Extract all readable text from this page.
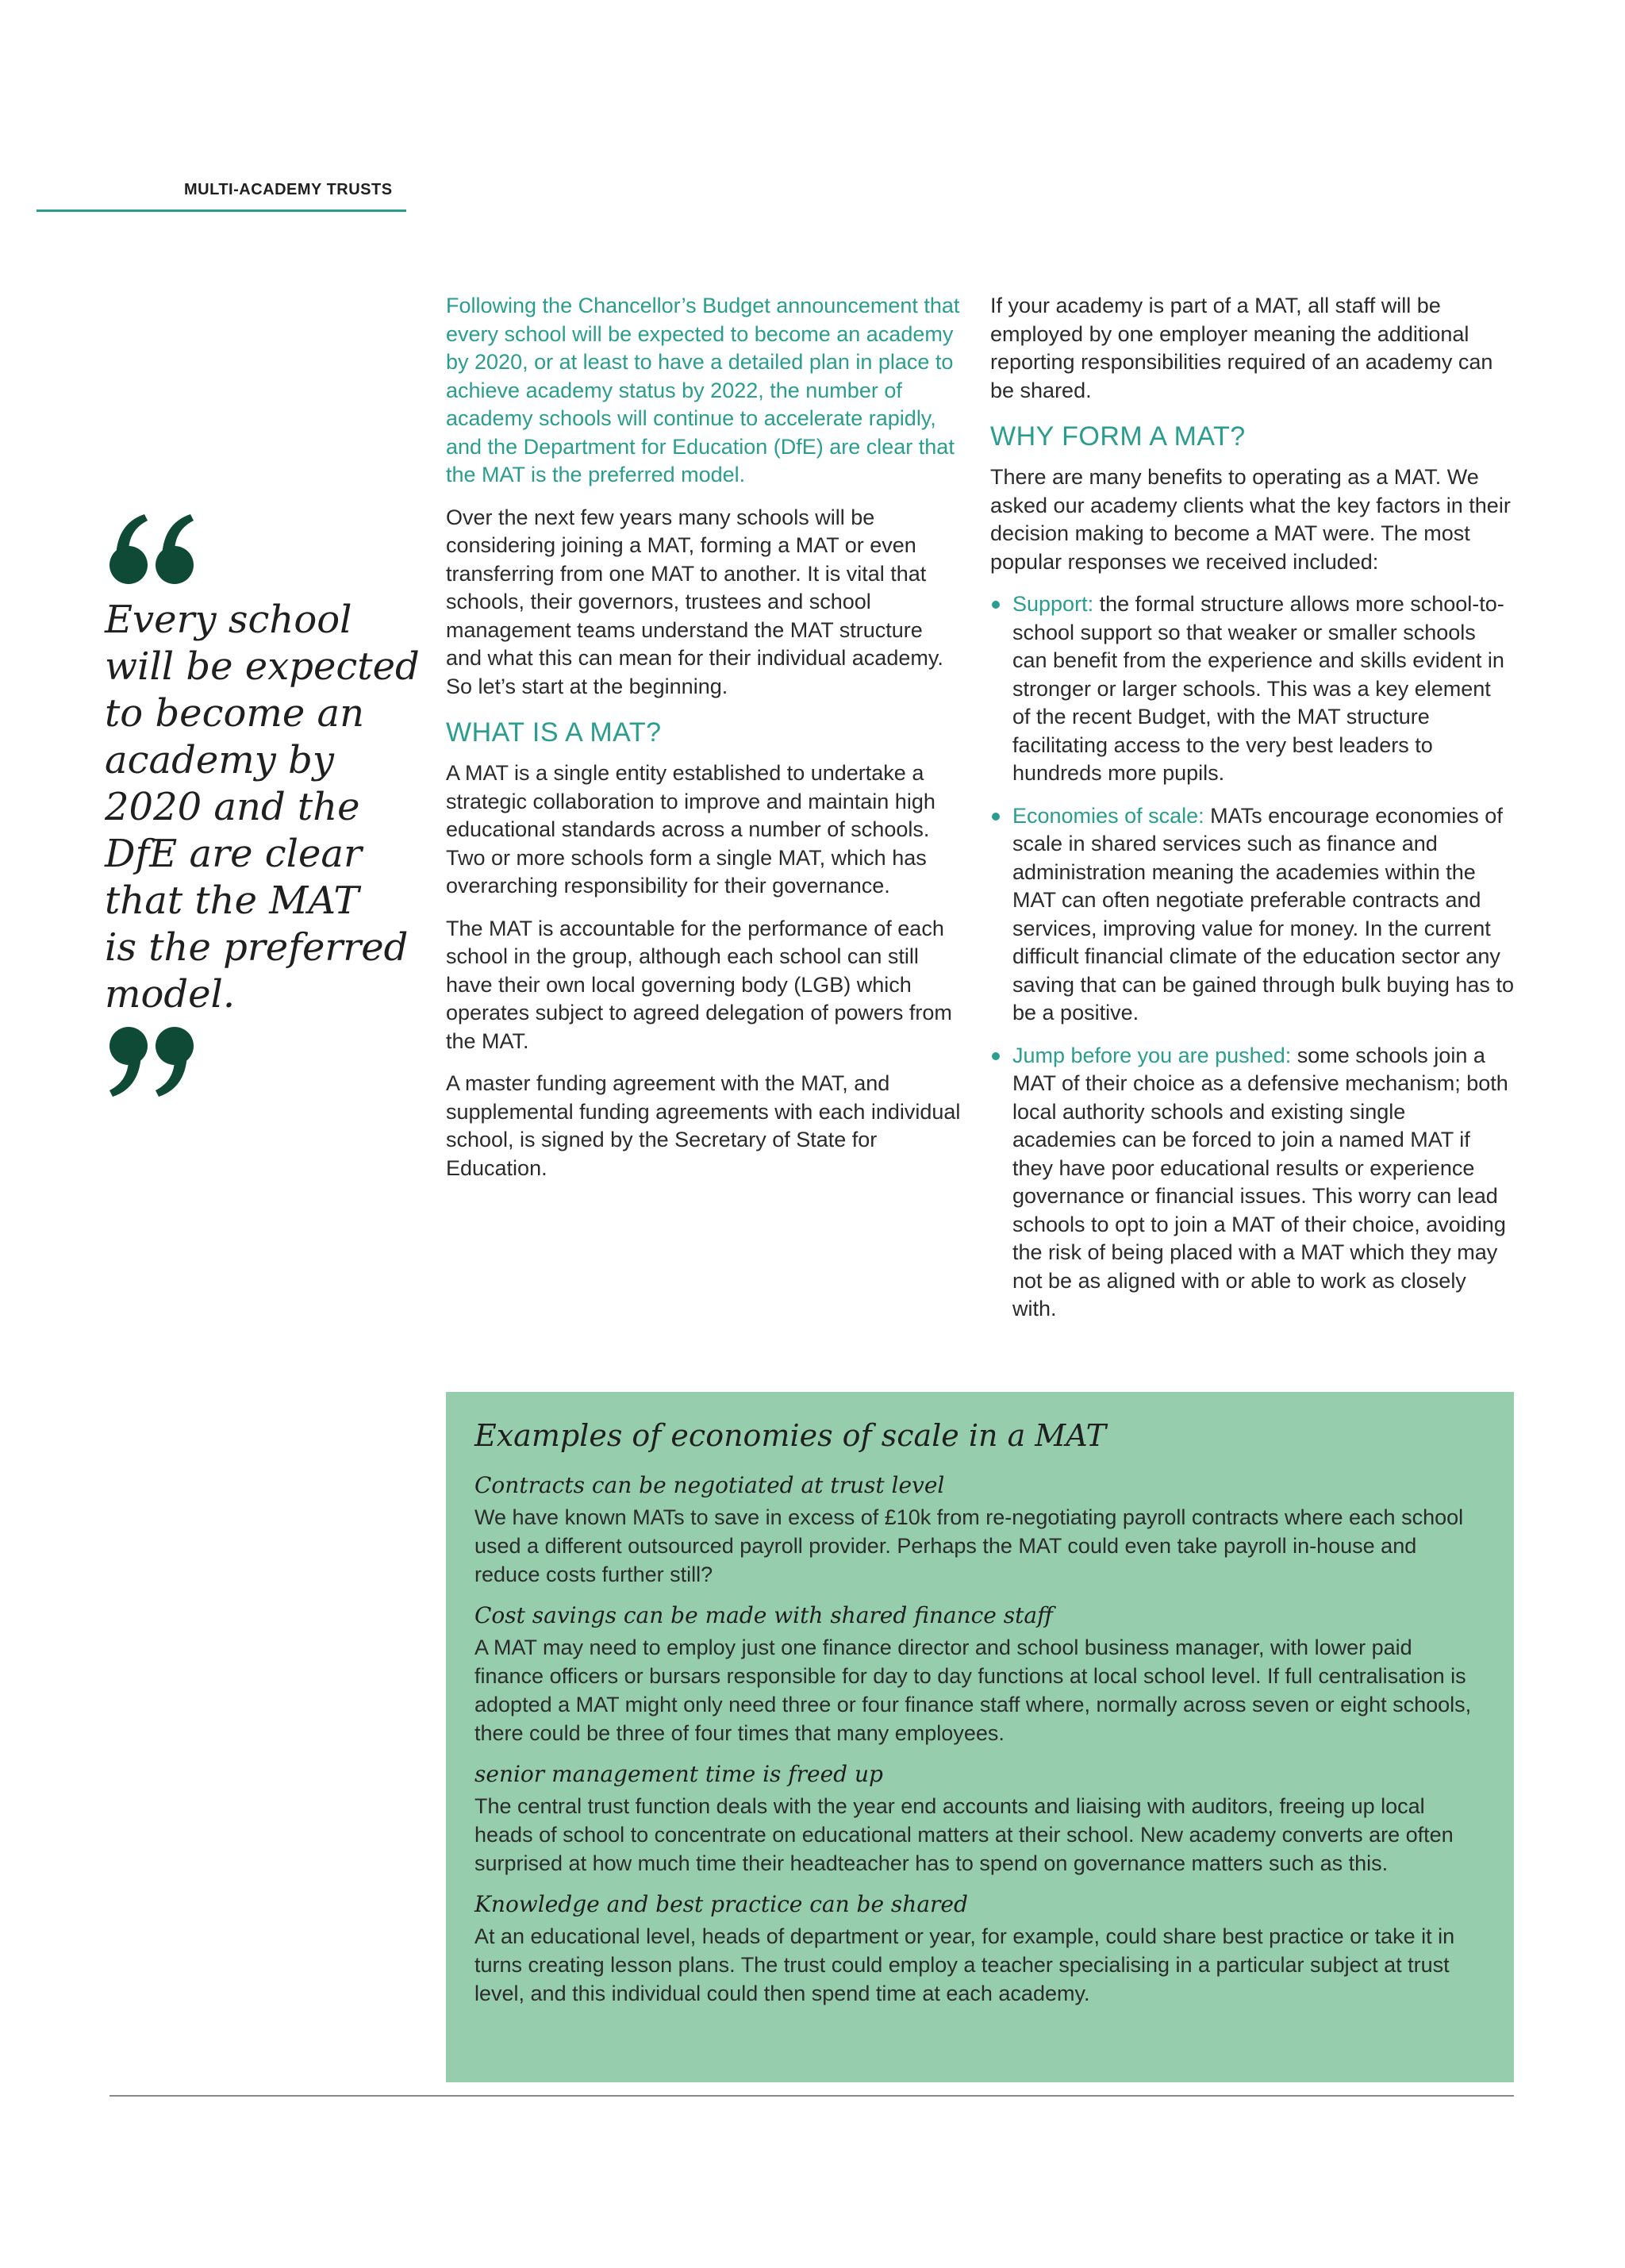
MULTI-ACADEMY TRUSTS
Every school
will be expected
to become an
academy by
2020 and the
DfE are clear
that the MAT
is the preferred
model.

Following the Chancellor’s Budget announcement that every school will be expected to become an academy by 2020, or at least to have a detailed plan in place to achieve academy status by 2022, the number of academy schools will continue to accelerate rapidly, and the Department for Education (DfE) are clear that the MAT is the preferred model.

Over the next few years many schools will be considering joining a MAT, forming a MAT or even transferring from one MAT to another. It is vital that schools, their governors, trustees and school management teams understand the MAT structure and what this can mean for their individual academy. So let’s start at the beginning.

WHAT IS A MAT?

A MAT is a single entity established to undertake a strategic collaboration to improve and maintain high educational standards across a number of schools. Two or more schools form a single MAT, which has overarching responsibility for their governance.

The MAT is accountable for the performance of each school in the group, although each school can still have their own local governing body (LGB) which operates subject to agreed delegation of powers from the MAT.

A master funding agreement with the MAT, and supplemental funding agreements with each individual school, is signed by the Secretary of State for Education.

If your academy is part of a MAT, all staff will be employed by one employer meaning the additional reporting responsibilities required of an academy can be shared.

WHY FORM A MAT?

There are many benefits to operating as a MAT. We asked our academy clients what the key factors in their decision making to become a MAT were. The most popular responses we received included:

Support: the formal structure allows more school-to-school support so that weaker or smaller schools can benefit from the experience and skills evident in stronger or larger schools. This was a key element of the recent Budget, with the MAT structure facilitating access to the very best leaders to hundreds more pupils.
Economies of scale: MATs encourage economies of scale in shared services such as finance and administration meaning the academies within the MAT can often negotiate preferable contracts and services, improving value for money. In the current difficult financial climate of the education sector any saving that can be gained through bulk buying has to be a positive.
Jump before you are pushed: some schools join a MAT of their choice as a defensive mechanism; both local authority schools and existing single academies can be forced to join a named MAT if they have poor educational results or experience governance or financial issues. This worry can lead schools to opt to join a MAT of their choice, avoiding the risk of being placed with a MAT which they may not be as aligned with or able to work as closely with.
Examples of economies of scale in a MAT
Contracts can be negotiated at trust level

We have known MATs to save in excess of £10k from re-negotiating payroll contracts where each school used a different outsourced payroll provider. Perhaps the MAT could even take payroll in-house and reduce costs further still?

Cost savings can be made with shared finance staff

A MAT may need to employ just one finance director and school business manager, with lower paid finance officers or bursars responsible for day to day functions at local school level. If full centralisation is adopted a MAT might only need three or four finance staff where, normally across seven or eight schools, there could be three of four times that many employees.

senior management time is freed up

The central trust function deals with the year end accounts and liaising with auditors, freeing up local heads of school to concentrate on educational matters at their school. New academy converts are often surprised at how much time their headteacher has to spend on governance matters such as this.

Knowledge and best practice can be shared

At an educational level, heads of department or year, for example, could share best practice or take it in turns creating lesson plans. The trust could employ a teacher specialising in a particular subject at trust level, and this individual could then spend time at each academy.
